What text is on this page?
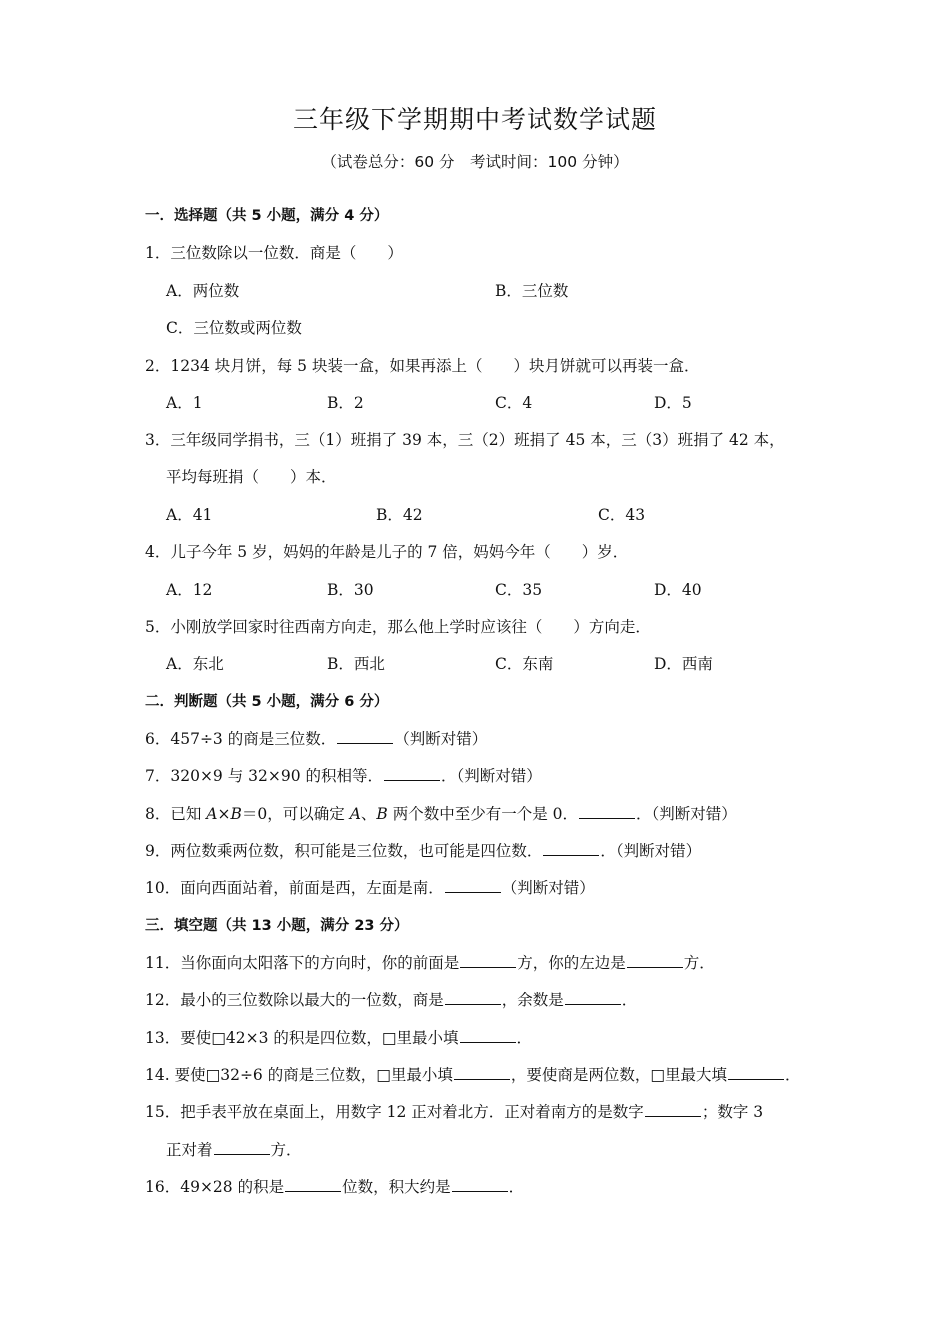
三年级下学期期中考试数学试题
（试卷总分：60 分　考试时间：100 分钟）
一．选择题（共 5 小题，满分 4 分）
1．三位数除以一位数．商是（　　）
A．两位数	B．三位数
C．三位数或两位数
2．1234 块月饼，每 5 块装一盒，如果再添上（　　）块月饼就可以再装一盒．
A．1	B．2	C．4	D．5
3．三年级同学捐书，三（1）班捐了 39 本，三（2）班捐了 45 本，三（3）班捐了 42 本，
平均每班捐（　　）本．
A．41	B．42	C．43
4．儿子今年 5 岁，妈妈的年龄是儿子的 7 倍，妈妈今年（　　）岁．
A．12	B．30	C．35	D．40
5．小刚放学回家时往西南方向走，那么他上学时应该往（　　）方向走．
A．东北	B．西北	C．东南	D．西南
二．判断题（共 5 小题，满分 6 分）
6．457÷3 的商是三位数．	（判断对错）
7．320×9 与 32×90 的积相等．	．（判断对错）
8．已知 A×B＝0，可以确定 A、B 两个数中至少有一个是 0．	．（判断对错）
9．两位数乘两位数，积可能是三位数，也可能是四位数．	．（判断对错）
10．面向西面站着，前面是西，左面是南．	（判断对错）
三．填空题（共 13 小题，满分 23 分）
11．当你面向太阳落下的方向时，你的前面是	方，你的左边是	方．
12．最小的三位数除以最大的一位数，商是	，余数是	．
13．要使□42×3 的积是四位数，□里最小填	．
14. 要使□32÷6 的商是三位数，□里最小填	，要使商是两位数，□里最大填	．
15．把手表平放在桌面上，用数字 12 正对着北方．正对着南方的是数字	；数字 3
正对着	方．
16．49×28 的积是	位数，积大约是	．
